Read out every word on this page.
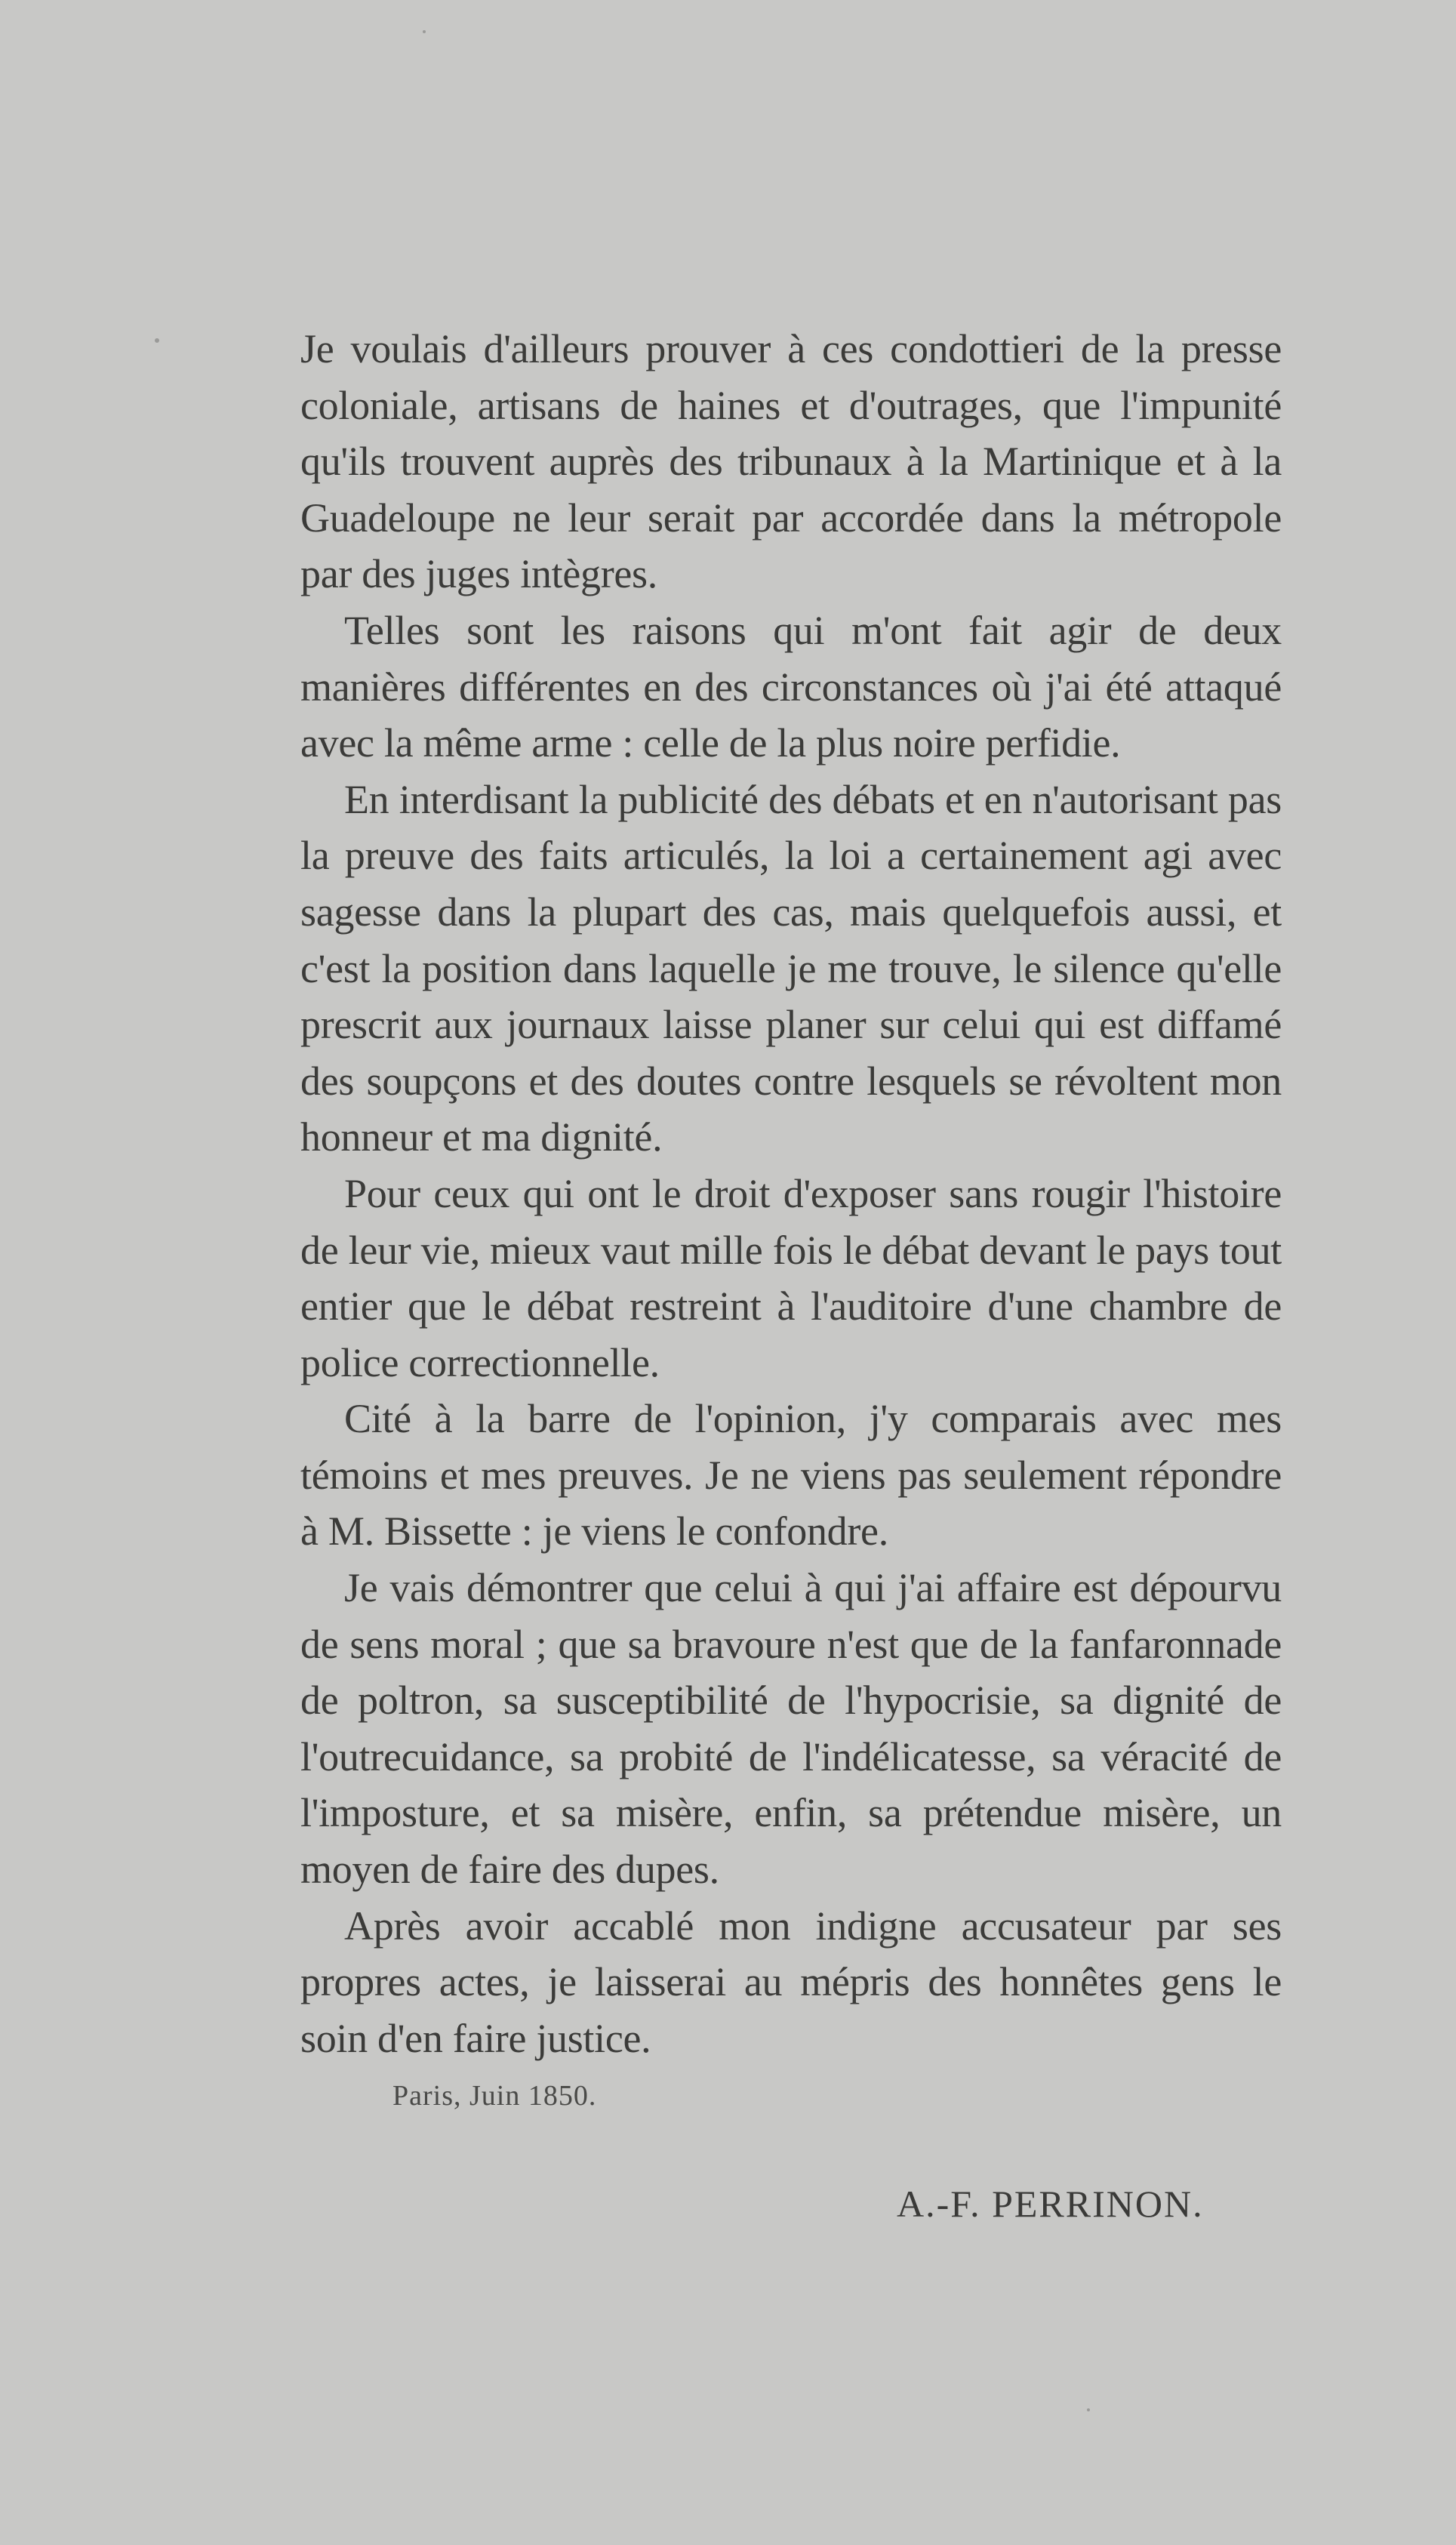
Je voulais d'ailleurs prouver à ces condottieri de la presse coloniale, artisans de haines et d'outrages, que l'impunité qu'ils trouvent auprès des tribunaux à la Martinique et à la Guadeloupe ne leur serait par accordée dans la métropole par des juges intègres.

Telles sont les raisons qui m'ont fait agir de deux manières différentes en des circonstances où j'ai été attaqué avec la même arme : celle de la plus noire perfidie.

En interdisant la publicité des débats et en n'autorisant pas la preuve des faits articulés, la loi a certainement agi avec sagesse dans la plupart des cas, mais quelquefois aussi, et c'est la position dans laquelle je me trouve, le silence qu'elle prescrit aux journaux laisse planer sur celui qui est diffamé des soupçons et des doutes contre lesquels se révoltent mon honneur et ma dignité.

Pour ceux qui ont le droit d'exposer sans rougir l'histoire de leur vie, mieux vaut mille fois le débat devant le pays tout entier que le débat restreint à l'auditoire d'une chambre de police correctionnelle.

Cité à la barre de l'opinion, j'y comparais avec mes témoins et mes preuves. Je ne viens pas seulement répondre à M. Bissette : je viens le confondre.

Je vais démontrer que celui à qui j'ai affaire est dépourvu de sens moral ; que sa bravoure n'est que de la fanfaronnade de poltron, sa susceptibilité de l'hypocrisie, sa dignité de l'outrecuidance, sa probité de l'indélicatesse, sa véracité de l'imposture, et sa misère, enfin, sa prétendue misère, un moyen de faire des dupes.

Après avoir accablé mon indigne accusateur par ses propres actes, je laisserai au mépris des honnêtes gens le soin d'en faire justice.

Paris, Juin 1850.
A.-F. PERRINON.
